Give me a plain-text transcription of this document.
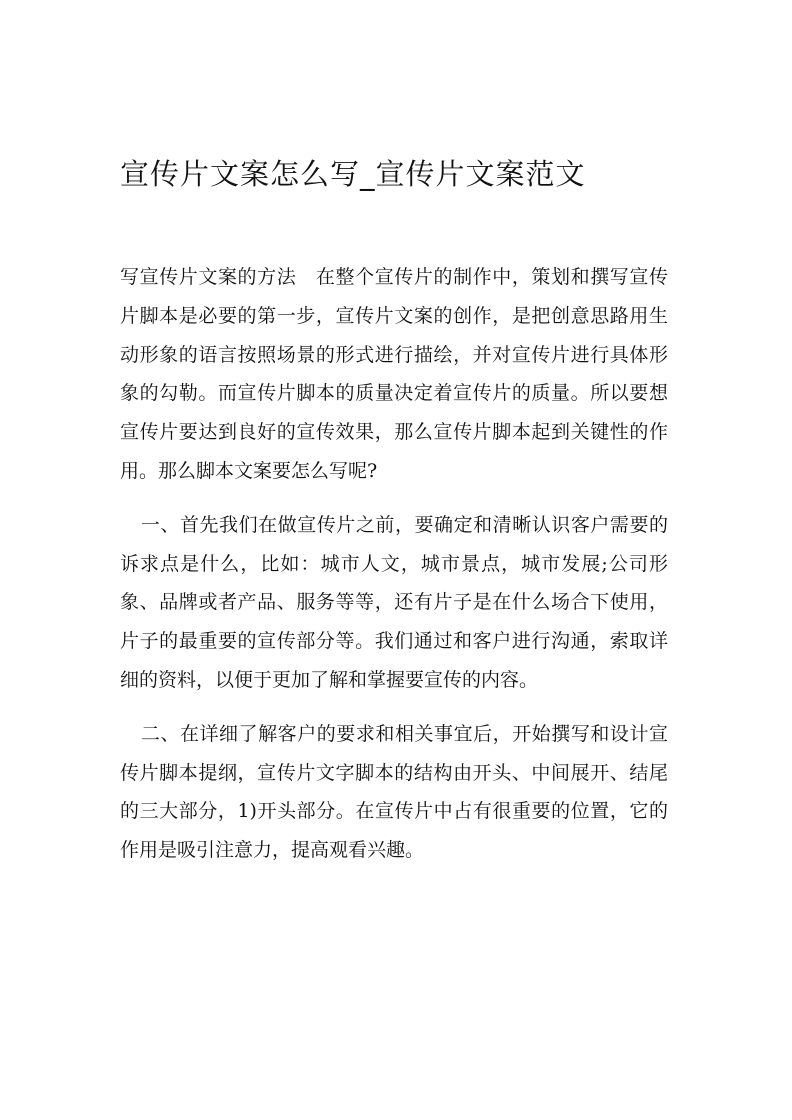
宣传片文案怎么写_宣传片文案范文

写宣传片文案的方法　在整个宣传片的制作中，策划和撰写宣传片脚本是必要的第一步，宣传片文案的创作，是把创意思路用生动形象的语言按照场景的形式进行描绘，并对宣传片进行具体形象的勾勒。而宣传片脚本的质量决定着宣传片的质量。所以要想宣传片要达到良好的宣传效果，那么宣传片脚本起到关键性的作用。那么脚本文案要怎么写呢?

一、首先我们在做宣传片之前，要确定和清晰认识客户需要的诉求点是什么，比如：城市人文，城市景点，城市发展;公司形象、品牌或者产品、服务等等，还有片子是在什么场合下使用，片子的最重要的宣传部分等。我们通过和客户进行沟通，索取详细的资料，以便于更加了解和掌握要宣传的内容。

二、在详细了解客户的要求和相关事宜后，开始撰写和设计宣传片脚本提纲，宣传片文字脚本的结构由开头、中间展开、结尾的三大部分，1)开头部分。在宣传片中占有很重要的位置，它的作用是吸引注意力，提高观看兴趣。
